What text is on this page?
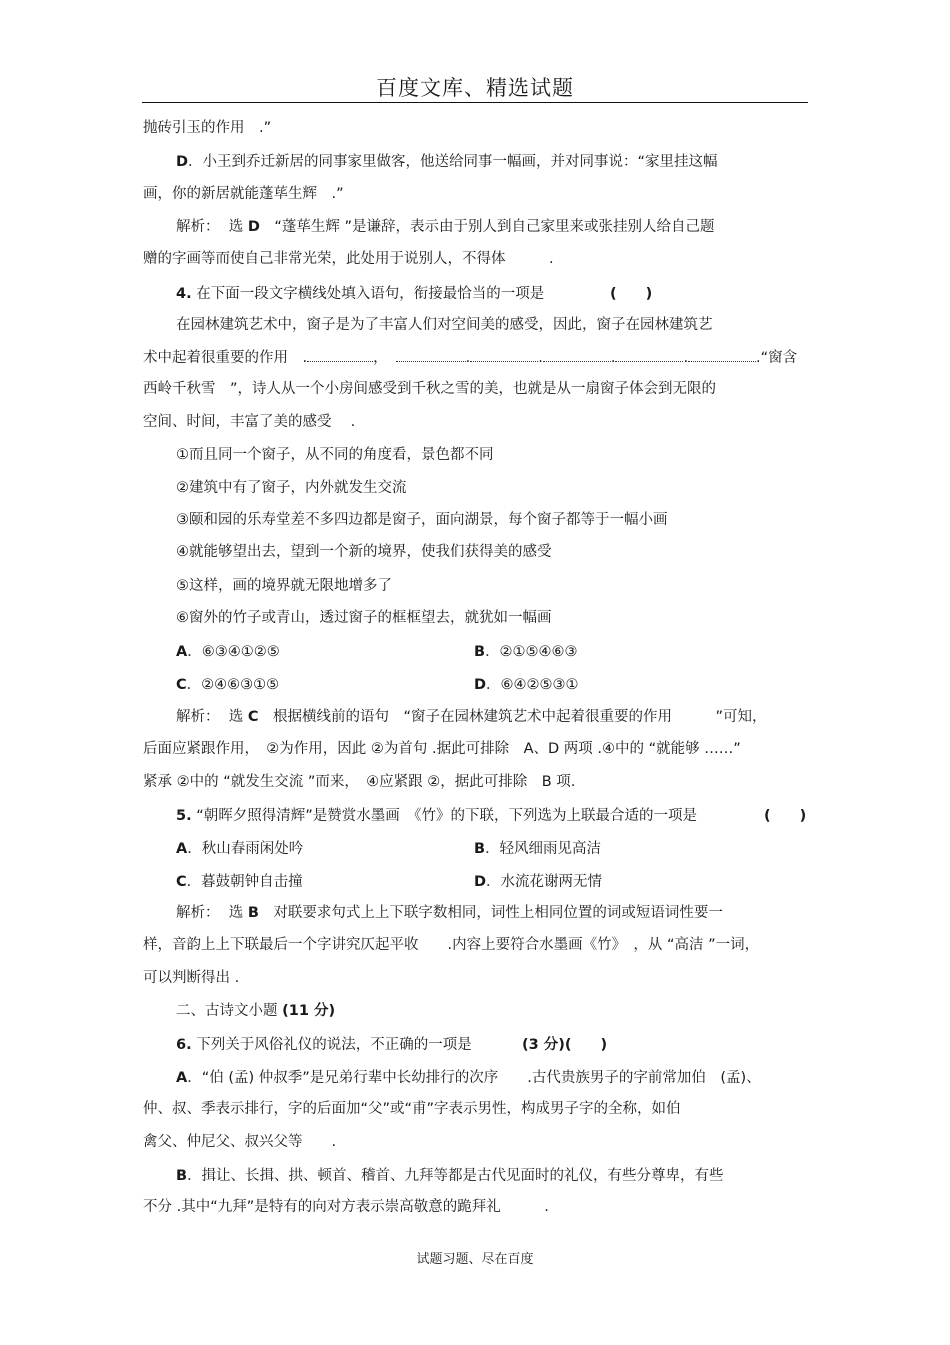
百度文库、精选试题
抛砖引玉的作用　.”
D．小王到乔迁新居的同事家里做客，他送给同事一幅画，并对同事说：“家里挂这幅
画，你的新居就能蓬荜生辉　.”
解析：  选 D　“蓬荜生辉 ”是谦辞，表示由于别人到自己家里来或张挂别人给自己题
赠的字画等而使自己非常光荣，此处用于说别人，不得体　　　.
4. 在下面一段文字横线处填入语句，衔接最恰当的一项是	(　　)
在园林建筑艺术中，窗子是为了丰富人们对空间美的感受，因此，窗子在园林建筑艺
术中起着很重要的作用　.	，	.	.	.	.	.“窗含
西岭千秋雪　”，诗人从一个小房间感受到千秋之雪的美，也就是从一扇窗子体会到无限的
空间、时间，丰富了美的感受　 .
①而且同一个窗子，从不同的角度看，景色都不同
②建筑中有了窗子，内外就发生交流
③颐和园的乐寿堂差不多四边都是窗子，面向湖景，每个窗子都等于一幅小画
④就能够望出去，望到一个新的境界，使我们获得美的感受
⑤这样，画的境界就无限地增多了
⑥窗外的竹子或青山，透过窗子的框框望去，就犹如一幅画
A．⑥③④①②⑤	B．②①⑤④⑥③
C．②④⑥③①⑤	D．⑥④②⑤③①
解析：  选 C　根据横线前的语句　“窗子在园林建筑艺术中起着很重要的作用　　　”可知，
后面应紧跟作用，　②为作用，因此 ②为首句 .据此可排除　A、D 两项 .④中的 “就能够 ……”
紧承 ②中的 “就发生交流 ”而来，　④应紧跟 ②，据此可排除　B 项.
5. “朝晖夕照得清辉”是赞赏水墨画　《竹》的下联，下列选为上联最合适的一项是	(　　)
A．秋山春雨闲处吟	B．轻风细雨见高洁
C．暮鼓朝钟自击撞	D．水流花谢两无情
解析：  选 B　对联要求句式上上下联字数相同，词性上相同位置的词或短语词性要一
样，音韵上上下联最后一个字讲究仄起平收　　.内容上要符合水墨画《竹》　，从 “高洁 ”一词，
可以判断得出 .
二、古诗文小题 (11 分)
6. 下列关于风俗礼仪的说法，不正确的一项是	(3 分)(　　)
A．“伯 (孟) 仲叔季”是兄弟行辈中长幼排行的次序　　.古代贵族男子的字前常加伯　(孟)、
仲、叔、季表示排行，字的后面加“父”或“甫”字表示男性，构成男子字的全称，如伯
禽父、仲尼父、叔兴父等　　.
B．揖让、长揖、拱、顿首、稽首、九拜等都是古代见面时的礼仪，有些分尊卑，有些
不分 .其中“九拜”是特有的向对方表示崇高敬意的跪拜礼　　　.
试题习题、尽在百度
